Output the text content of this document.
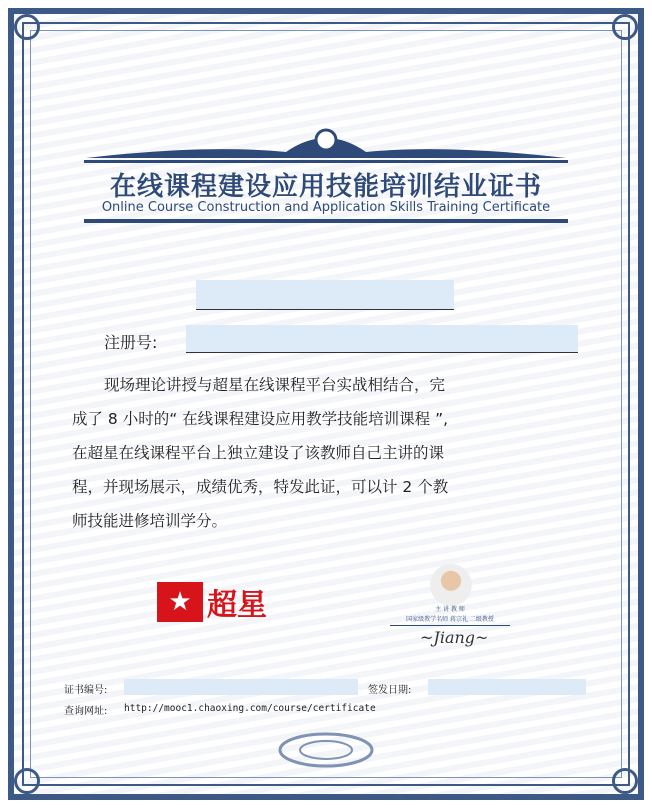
在线课程建设应用技能培训结业证书
Online Course Construction and Application Skills Training Certificate
注册号:

现场理论讲授与超星在线课程平台实战相结合，完

成了 8 小时的“ 在线课程建设应用教学技能培训课程 ”,

在超星在线课程平台上独立建设了该教师自己主讲的课

程，并现场展示，成绩优秀，特发此证，可以计 2 个教

师技能进修培训学分。

★ 超星	主 讲 教 师
国家级教学名师 蒋宗礼 二级教授
~Jiang~
证书编号:	签发日期:
查询网址: http://mooc1.chaoxing.com/course/certificate
